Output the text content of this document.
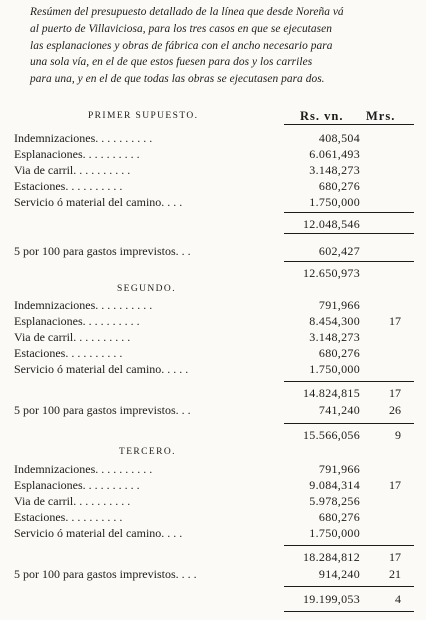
Resúmen del presupuesto detallado de la línea que desde Noreña vá
al puerto de Villaviciosa, para los tres casos en que se ejecutasen
las esplanaciones y obras de fábrica con el ancho necesario para
una sola vía, en el de que estos fuesen para dos y los carriles
para una, y en el de que todas las obras se ejecutasen para dos.
PRIMER SUPUESTO.	Rs. vn. Mrs.
Indemnizaciones. . . . . . . . . .	408,504
Esplanaciones. . . . . . . . . .	6.061,493
Via de carril. . . . . . . . . .	3.148,273
Estaciones. . . . . . . . . .	680,276
Servicio ó material del camino. . . .	1.750,000
12.048,546
5 por 100 para gastos imprevistos. . .	602,427
12.650,973
SEGUNDO.
Indemnizaciones. . . . . . . . . .	791,966
Esplanaciones. . . . . . . . . .	8.454,300 17
Via de carril. . . . . . . . . .	3.148,273
Estaciones. . . . . . . . . .	680,276
Servicio ó material del camino. . . . .	1.750,000
14.824,815 17
5 por 100 para gastos imprevistos. . .	741,240 26
15.566,056	9
TERCERO.
Indemnizaciones. . . . . . . . . .	791,966
Esplanaciones. . . . . . . . . .	9.084,314 17
Via de carril. . . . . . . . . .	5.978,256
Estaciones. . . . . . . . . .	680,276
Servicio ó material del camino. . . .	1.750,000
18.284,812 17
5 por 100 para gastos imprevistos. . . .	914,240 21
19.199,053	4
